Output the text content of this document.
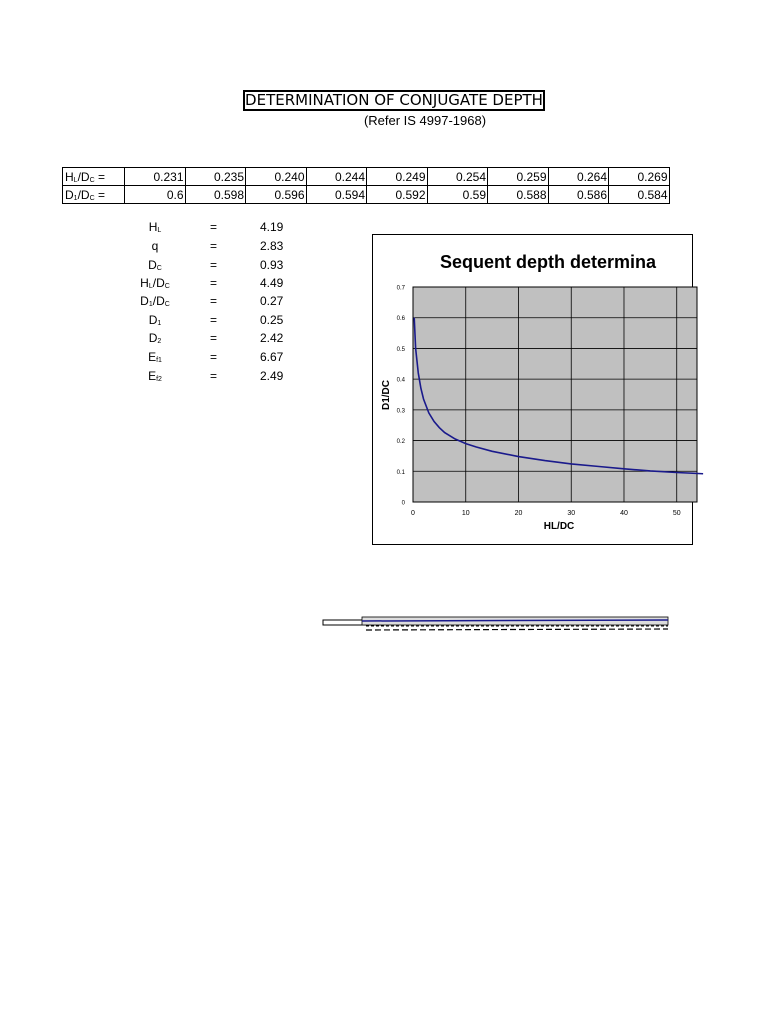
DETERMINATION OF CONJUGATE DEPTH
(Refer IS 4997-1968)
$H_L/D_C$ =	0.231	0.235	0.240	0.244	0.249	0.254	0.259	0.264	0.269
$D_1/D_C$ =	0.6	0.598	0.596	0.594	0.592	0.59	0.588	0.586	0.584
$H_L$	=	4.19
q	=	2.83
$D_C$	=	0.93
$H_L/D_C$	=	4.49
$D_1/D_C$	=	0.27
$D_1$	=	0.25
$D_2$	=	2.42
$E_{f1}$	=	6.67
$E_{f2}$	=	2.49
Sequent depth determina
0	10	20	30	40	50
0
0.1
0.2
0.3
0.4
0.5
0.6
0.7
HL/DC
D1/DC
